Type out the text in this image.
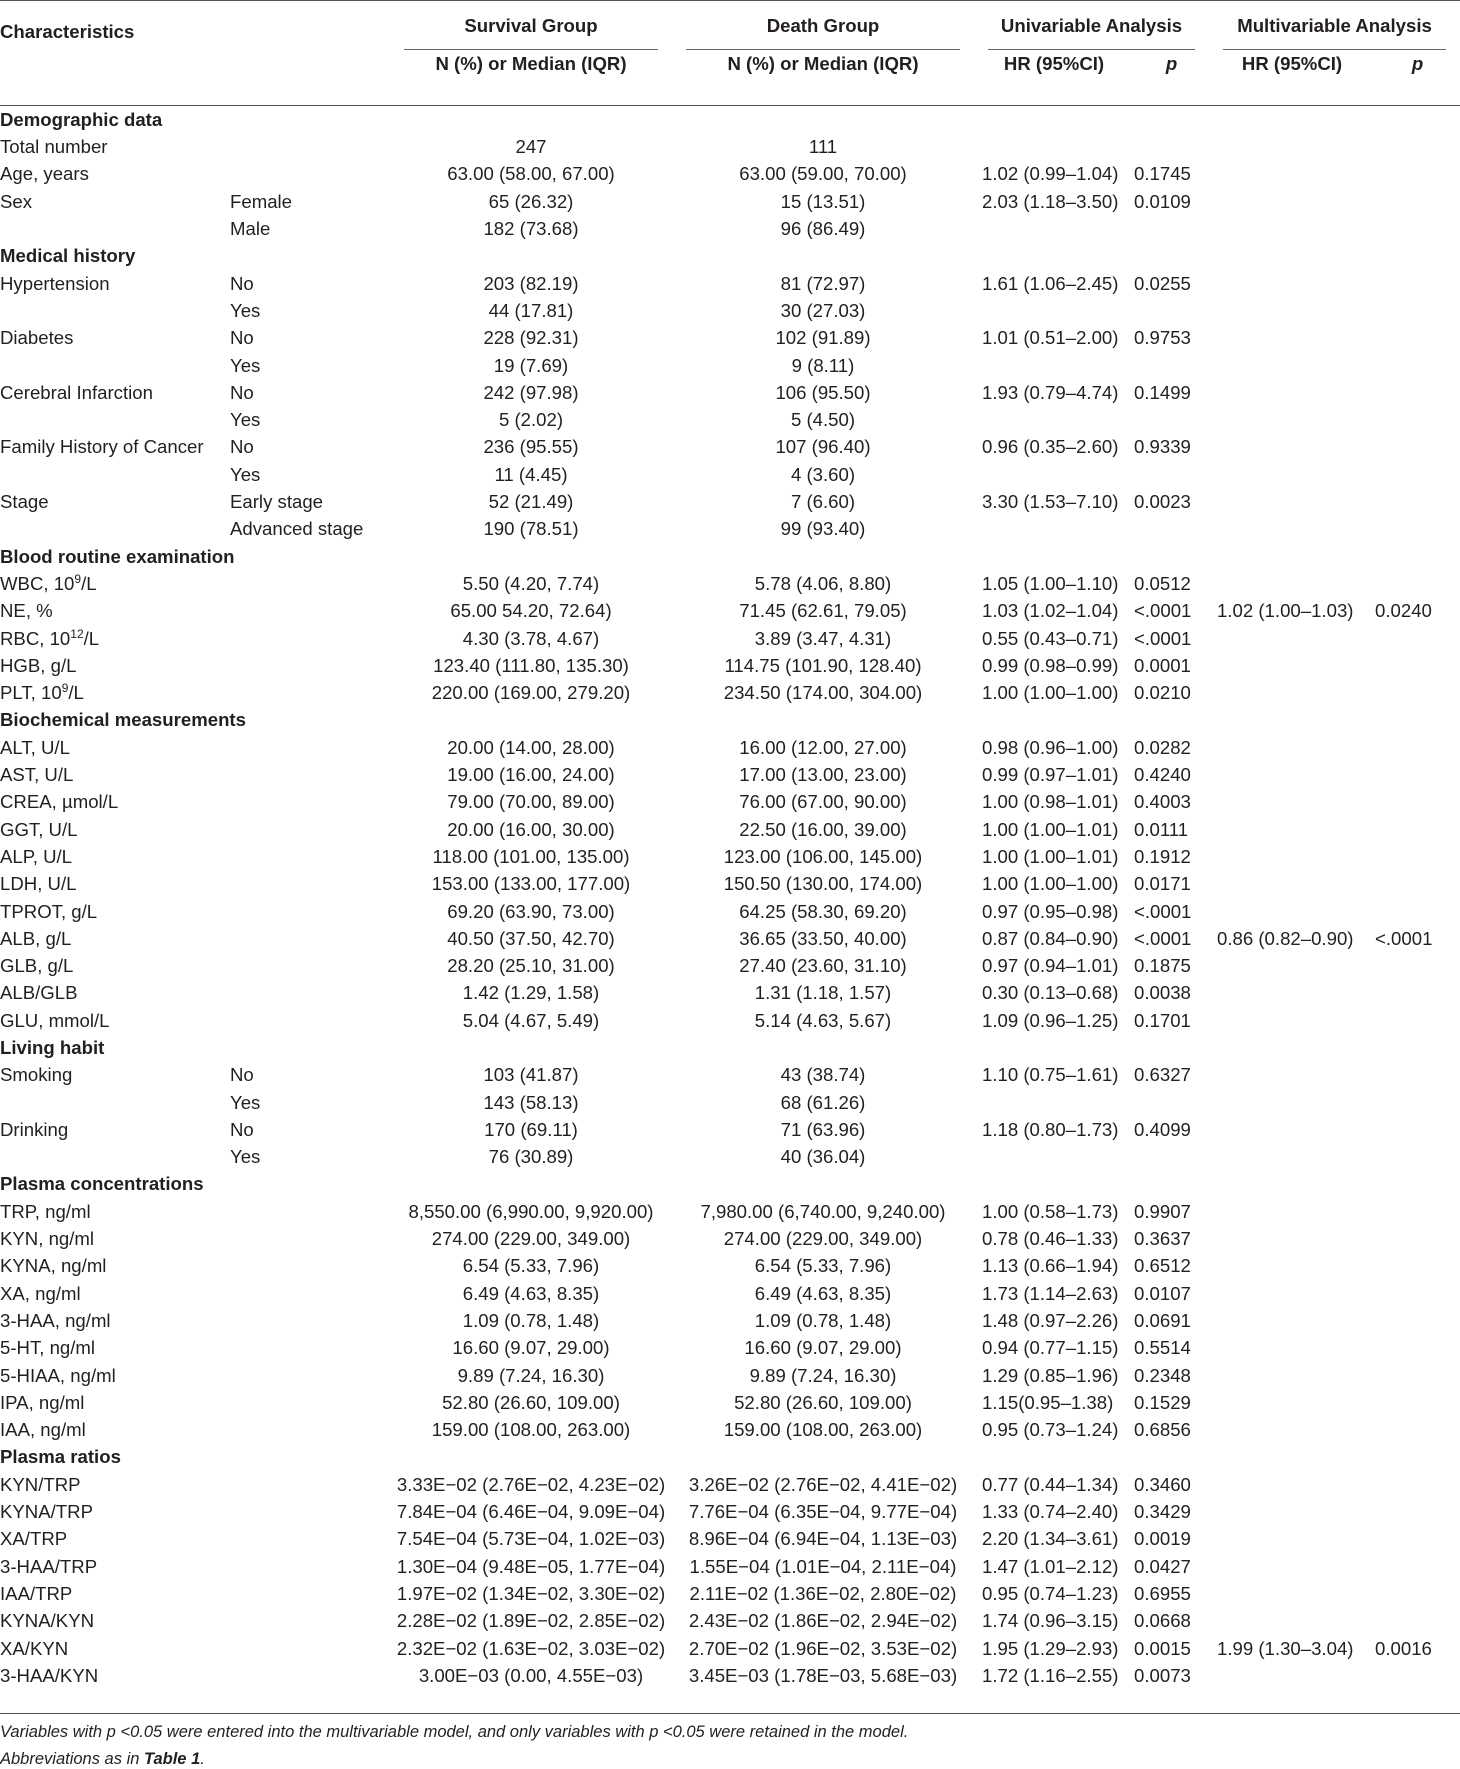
Characteristics		Survival Group	Death Group	Univariable Analysis		Multivariable Analysis	

		N (%) or Median (IQR)	N (%) or Median (IQR)	HR (95%CI)	p	HR (95%CI)	p

Demographic data							
Total number		247	111				
Age, years		63.00 (58.00, 67.00)	63.00 (59.00, 70.00)	1.02 (0.99–1.04)	0.1745		
Sex	Female	65 (26.32)	15 (13.51)	2.03 (1.18–3.50)	0.0109		
	Male	182 (73.68)	96 (86.49)				
Medical history							
Hypertension	No	203 (82.19)	81 (72.97)	1.61 (1.06–2.45)	0.0255		
	Yes	44 (17.81)	30 (27.03)				
Diabetes	No	228 (92.31)	102 (91.89)	1.01 (0.51–2.00)	0.9753		
	Yes	19 (7.69)	9 (8.11)				
Cerebral Infarction	No	242 (97.98)	106 (95.50)	1.93 (0.79–4.74)	0.1499		
	Yes	5 (2.02)	5 (4.50)				
Family History of Cancer	No	236 (95.55)	107 (96.40)	0.96 (0.35–2.60)	0.9339		
	Yes	11 (4.45)	4 (3.60)				
Stage	Early stage	52 (21.49)	7 (6.60)	3.30 (1.53–7.10)	0.0023		
	Advanced stage	190 (78.51)	99 (93.40)				
Blood routine examination							
WBC, $10^9/L$		5.50 (4.20, 7.74)	5.78 (4.06, 8.80)	1.05 (1.00–1.10)	0.0512		
NE, %		65.00 54.20, 72.64)	71.45 (62.61, 79.05)	1.03 (1.02–1.04)	<.0001	1.02 (1.00–1.03)	0.0240
RBC, $10^{12}/L$		4.30 (3.78, 4.67)	3.89 (3.47, 4.31)	0.55 (0.43–0.71)	<.0001		
HGB, g/L		123.40 (111.80, 135.30)	114.75 (101.90, 128.40)	0.99 (0.98–0.99)	0.0001		
PLT, $10^9/L$		220.00 (169.00, 279.20)	234.50 (174.00, 304.00)	1.00 (1.00–1.00)	0.0210		
Biochemical measurements							
ALT, U/L		20.00 (14.00, 28.00)	16.00 (12.00, 27.00)	0.98 (0.96–1.00)	0.0282		
AST, U/L		19.00 (16.00, 24.00)	17.00 (13.00, 23.00)	0.99 (0.97–1.01)	0.4240		
CREA, µmol/L		79.00 (70.00, 89.00)	76.00 (67.00, 90.00)	1.00 (0.98–1.01)	0.4003		
GGT, U/L		20.00 (16.00, 30.00)	22.50 (16.00, 39.00)	1.00 (1.00–1.01)	0.0111		
ALP, U/L		118.00 (101.00, 135.00)	123.00 (106.00, 145.00)	1.00 (1.00–1.01)	0.1912		
LDH, U/L		153.00 (133.00, 177.00)	150.50 (130.00, 174.00)	1.00 (1.00–1.00)	0.0171		
TPROT, g/L		69.20 (63.90, 73.00)	64.25 (58.30, 69.20)	0.97 (0.95–0.98)	<.0001		
ALB, g/L		40.50 (37.50, 42.70)	36.65 (33.50, 40.00)	0.87 (0.84–0.90)	<.0001	0.86 (0.82–0.90)	<.0001
GLB, g/L		28.20 (25.10, 31.00)	27.40 (23.60, 31.10)	0.97 (0.94–1.01)	0.1875		
ALB/GLB		1.42 (1.29, 1.58)	1.31 (1.18, 1.57)	0.30 (0.13–0.68)	0.0038		
GLU, mmol/L		5.04 (4.67, 5.49)	5.14 (4.63, 5.67)	1.09 (0.96–1.25)	0.1701		
Living habit							
Smoking	No	103 (41.87)	43 (38.74)	1.10 (0.75–1.61)	0.6327		
	Yes	143 (58.13)	68 (61.26)				
Drinking	No	170 (69.11)	71 (63.96)	1.18 (0.80–1.73)	0.4099		
	Yes	76 (30.89)	40 (36.04)				
Plasma concentrations							
TRP, ng/ml		8,550.00 (6,990.00, 9,920.00)	7,980.00 (6,740.00, 9,240.00)	1.00 (0.58–1.73)	0.9907		
KYN, ng/ml		274.00 (229.00, 349.00)	274.00 (229.00, 349.00)	0.78 (0.46–1.33)	0.3637		
KYNA, ng/ml		6.54 (5.33, 7.96)	6.54 (5.33, 7.96)	1.13 (0.66–1.94)	0.6512		
XA, ng/ml		6.49 (4.63, 8.35)	6.49 (4.63, 8.35)	1.73 (1.14–2.63)	0.0107		
3-HAA, ng/ml		1.09 (0.78, 1.48)	1.09 (0.78, 1.48)	1.48 (0.97–2.26)	0.0691		
5-HT, ng/ml		16.60 (9.07, 29.00)	16.60 (9.07, 29.00)	0.94 (0.77–1.15)	0.5514		
5-HIAA, ng/ml		9.89 (7.24, 16.30)	9.89 (7.24, 16.30)	1.29 (0.85–1.96)	0.2348		
IPA, ng/ml		52.80 (26.60, 109.00)	52.80 (26.60, 109.00)	1.15(0.95–1.38)	0.1529		
IAA, ng/ml		159.00 (108.00, 263.00)	159.00 (108.00, 263.00)	0.95 (0.73–1.24)	0.6856		
Plasma ratios							
KYN/TRP		3.33E−02 (2.76E−02, 4.23E−02)	3.26E−02 (2.76E−02, 4.41E−02)	0.77 (0.44–1.34)	0.3460		
KYNA/TRP		7.84E−04 (6.46E−04, 9.09E−04)	7.76E−04 (6.35E−04, 9.77E−04)	1.33 (0.74–2.40)	0.3429		
XA/TRP		7.54E−04 (5.73E−04, 1.02E−03)	8.96E−04 (6.94E−04, 1.13E−03)	2.20 (1.34–3.61)	0.0019		
3-HAA/TRP		1.30E−04 (9.48E−05, 1.77E−04)	1.55E−04 (1.01E−04, 2.11E−04)	1.47 (1.01–2.12)	0.0427		
IAA/TRP		1.97E−02 (1.34E−02, 3.30E−02)	2.11E−02 (1.36E−02, 2.80E−02)	0.95 (0.74–1.23)	0.6955		
KYNA/KYN		2.28E−02 (1.89E−02, 2.85E−02)	2.43E−02 (1.86E−02, 2.94E−02)	1.74 (0.96–3.15)	0.0668		
XA/KYN		2.32E−02 (1.63E−02, 3.03E−02)	2.70E−02 (1.96E−02, 3.53E−02)	1.95 (1.29–2.93)	0.0015	1.99 (1.30–3.04)	0.0016
3-HAA/KYN		3.00E−03 (0.00, 4.55E−03)	3.45E−03 (1.78E−03, 5.68E−03)	1.72 (1.16–2.55)	0.0073		
Variables with p <0.05 were entered into the multivariable model, and only variables with p <0.05 were retained in the model.
Abbreviations as in Table 1.
